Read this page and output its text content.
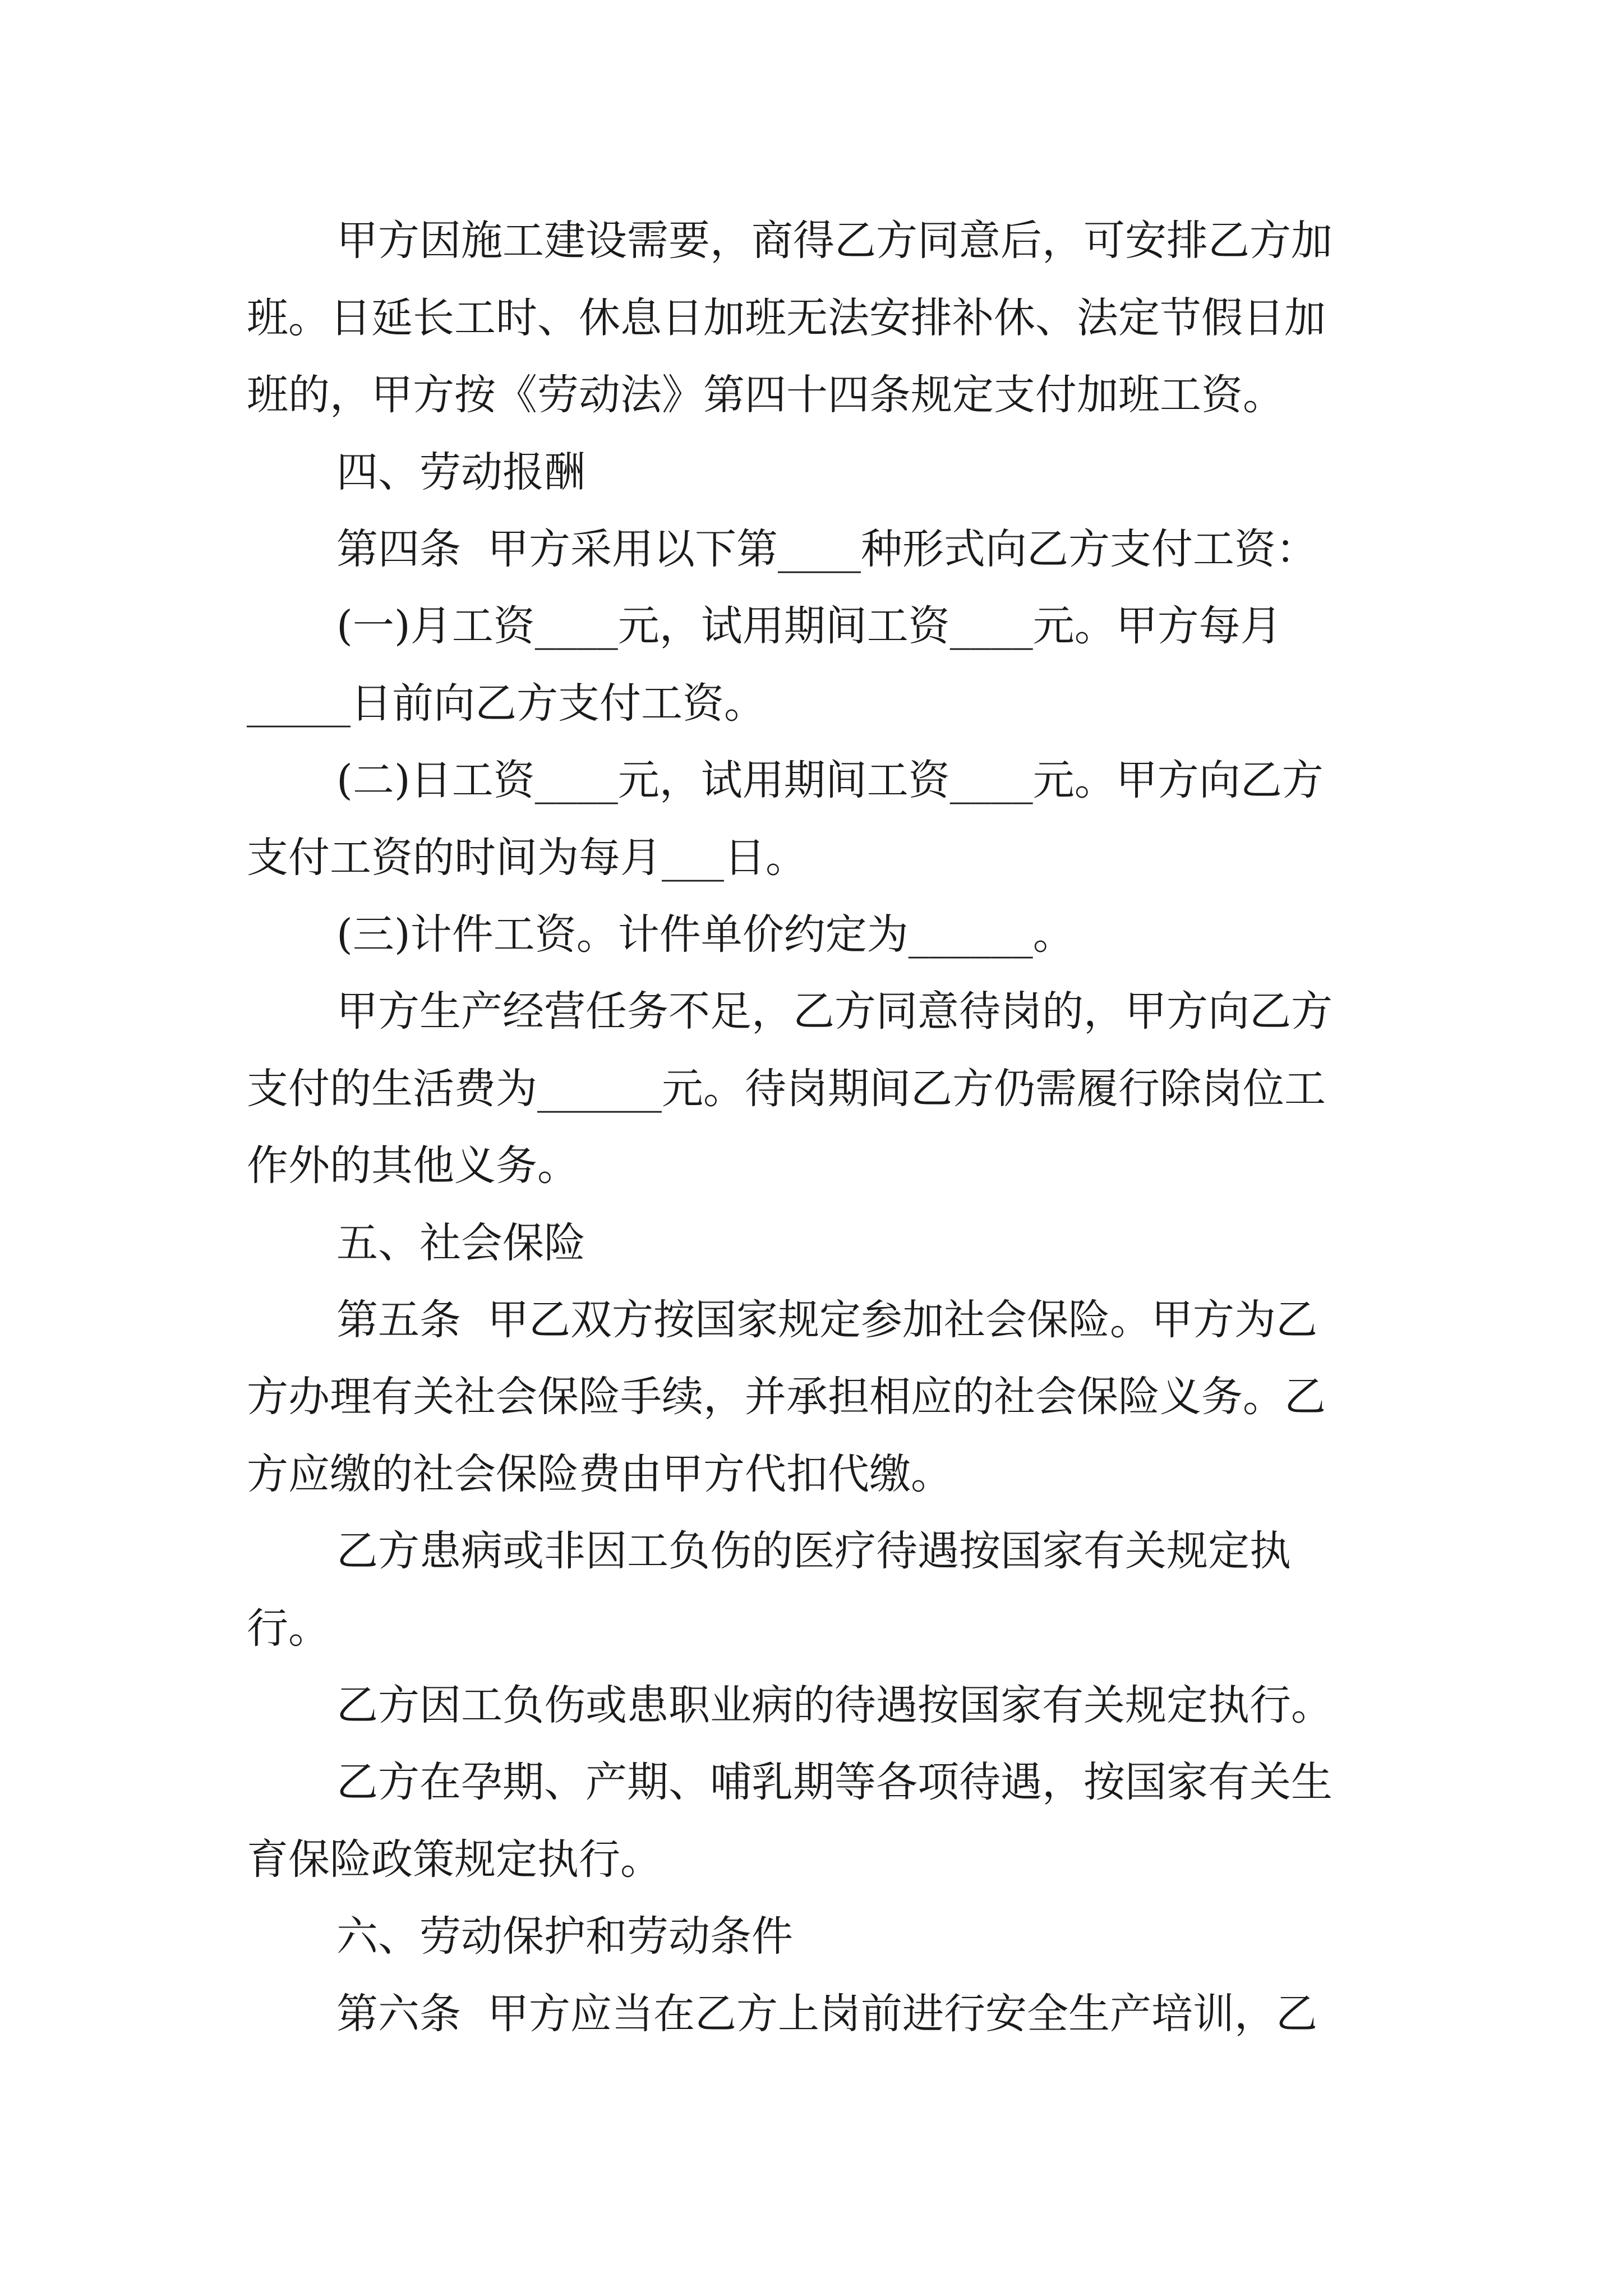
甲方因施工建设需要，商得乙方同意后，可安排乙方加

班。日延长工时、休息日加班无法安排补休、法定节假日加

班的，甲方按《劳动法》第四十四条规定支付加班工资。

四、劳动报酬

第四条  甲方采用以下第____种形式向乙方支付工资：

(一)月工资____元，试用期间工资____元。甲方每月

_____日前向乙方支付工资。

(二)日工资____元，试用期间工资____元。甲方向乙方

支付工资的时间为每月___日。

(三)计件工资。计件单价约定为______。

甲方生产经营任务不足，乙方同意待岗的，甲方向乙方

支付的生活费为______元。待岗期间乙方仍需履行除岗位工

作外的其他义务。

五、社会保险

第五条  甲乙双方按国家规定参加社会保险。甲方为乙

方办理有关社会保险手续，并承担相应的社会保险义务。乙

方应缴的社会保险费由甲方代扣代缴。

乙方患病或非因工负伤的医疗待遇按国家有关规定执

行。

乙方因工负伤或患职业病的待遇按国家有关规定执行。

乙方在孕期、产期、哺乳期等各项待遇，按国家有关生

育保险政策规定执行。

六、劳动保护和劳动条件

第六条  甲方应当在乙方上岗前进行安全生产培训，乙
